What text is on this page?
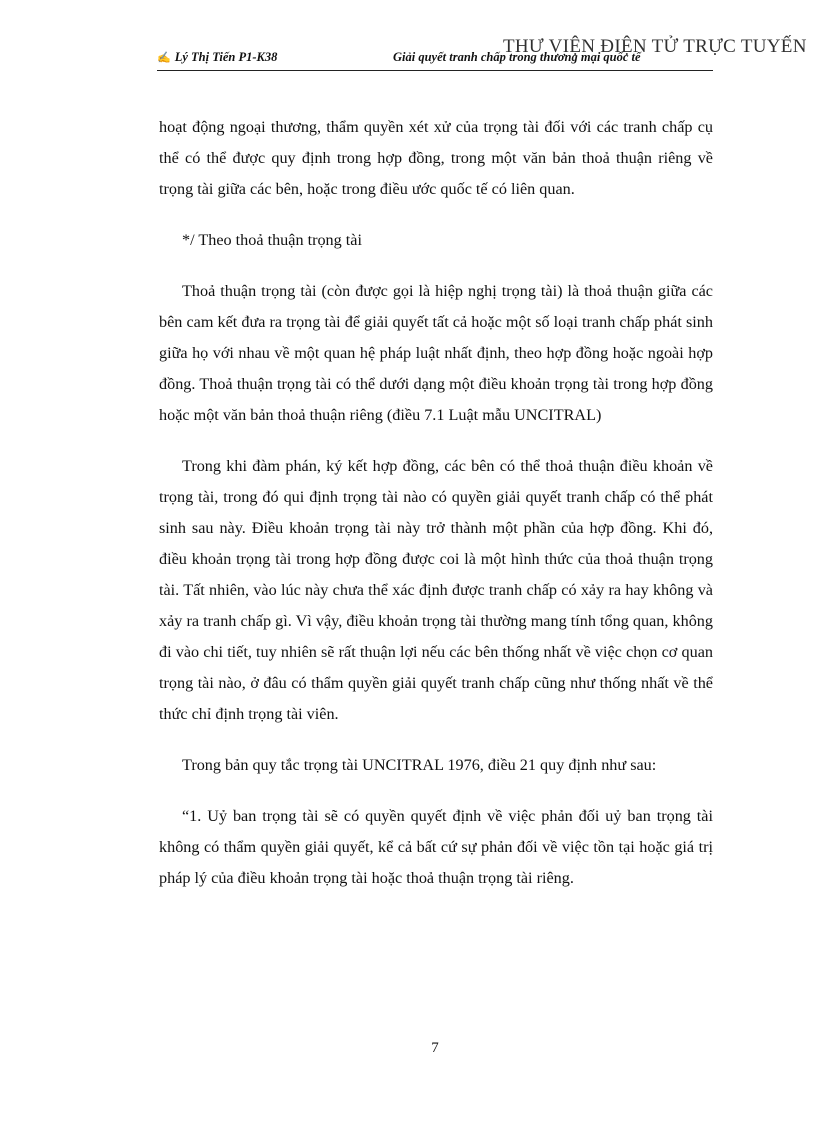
✍ Lý Thị Tiến P1-K38	Giải quyết tranh chấp trong thương mại quốc tế
THƯ VIỆN ĐIỆN TỬ TRỰC TUYẾN

hoạt động ngoại thương, thẩm quyền xét xử của trọng tài đối với các tranh chấp cụ thể có thể được quy định trong hợp đồng, trong một văn bản thoả thuận riêng về trọng tài giữa các bên, hoặc trong điều ước quốc tế có liên quan.

*/ Theo thoả thuận trọng tài

Thoả thuận trọng tài (còn được gọi là hiệp nghị trọng tài) là thoả thuận giữa các bên cam kết đưa ra trọng tài để giải quyết tất cả hoặc một số loại tranh chấp phát sinh giữa họ với nhau về một quan hệ pháp luật nhất định, theo hợp đồng hoặc ngoài hợp đồng. Thoả thuận trọng tài có thể dưới dạng một điều khoản trọng tài trong hợp đồng hoặc một văn bản thoả thuận riêng (điều 7.1 Luật mẫu UNCITRAL)

Trong khi đàm phán, ký kết hợp đồng, các bên có thể thoả thuận điều khoản về trọng tài, trong đó qui định trọng tài nào có quyền giải quyết tranh chấp có thể phát sinh sau này. Điều khoản trọng tài này trở thành một phần của hợp đồng. Khi đó, điều khoản trọng tài trong hợp đồng được coi là một hình thức của thoả thuận trọng tài. Tất nhiên, vào lúc này chưa thể xác định được tranh chấp có xảy ra hay không và xảy ra tranh chấp gì. Vì vậy, điều khoản trọng tài thường mang tính tổng quan, không đi vào chi tiết, tuy nhiên sẽ rất thuận lợi nếu các bên thống nhất về việc chọn cơ quan trọng tài nào, ở đâu có thẩm quyền giải quyết tranh chấp cũng như thống nhất về thể thức chỉ định trọng tài viên.

Trong bản quy tắc trọng tài UNCITRAL 1976, điều 21 quy định như sau:

“1. Uỷ ban trọng tài sẽ có quyền quyết định về việc phản đối uỷ ban trọng tài không có thẩm quyền giải quyết, kể cả bất cứ sự phản đối về việc tồn tại hoặc giá trị pháp lý của điều khoản trọng tài hoặc thoả thuận trọng tài riêng.

7
